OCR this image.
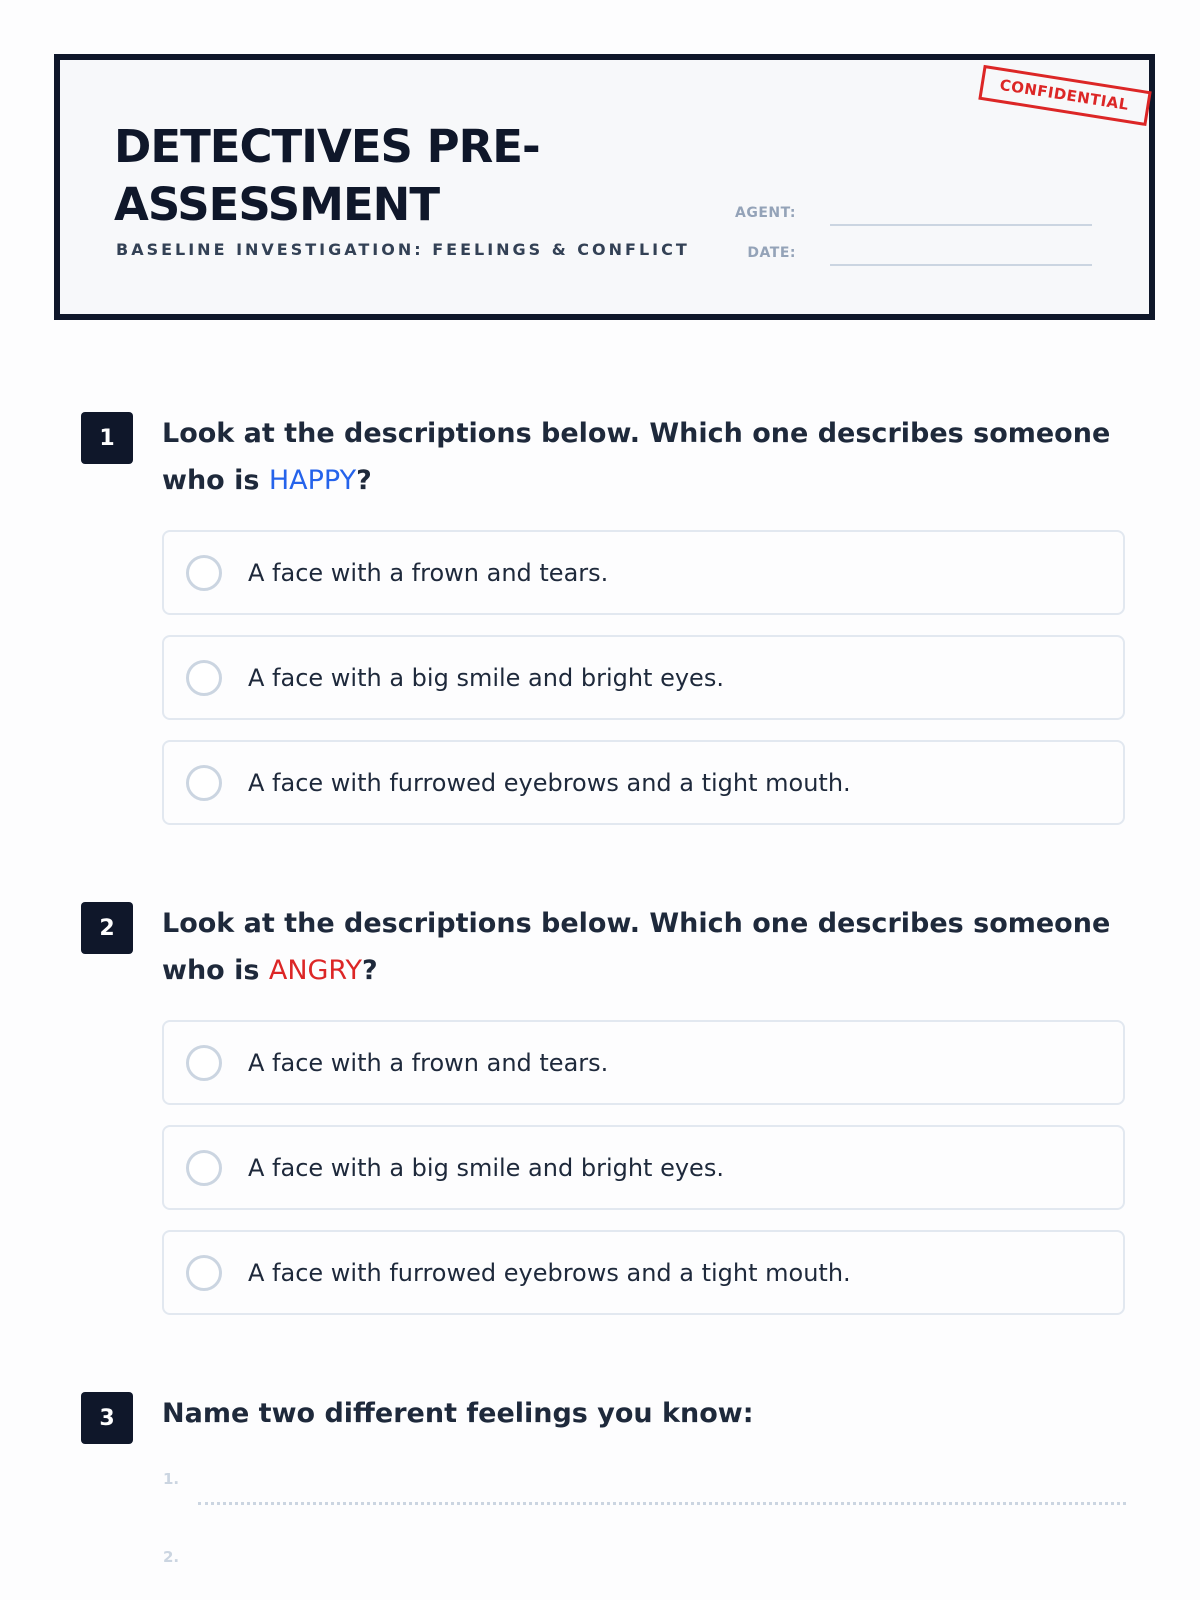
DETECTIVES PRE-ASSESSMENT
BASELINE INVESTIGATION: FEELINGS & CONFLICT
AGENT:
DATE:
CONFIDENTIAL
1	Look at the descriptions below. Which one describes someone who is HAPPY?

A face with a frown and tears.
A face with a big smile and bright eyes.
A face with furrowed eyebrows and a tight mouth.
2	Look at the descriptions below. Which one describes someone who is ANGRY?

A face with a frown and tears.
A face with a big smile and bright eyes.
A face with furrowed eyebrows and a tight mouth.
3	Name two different feelings you know:

1.
2.
